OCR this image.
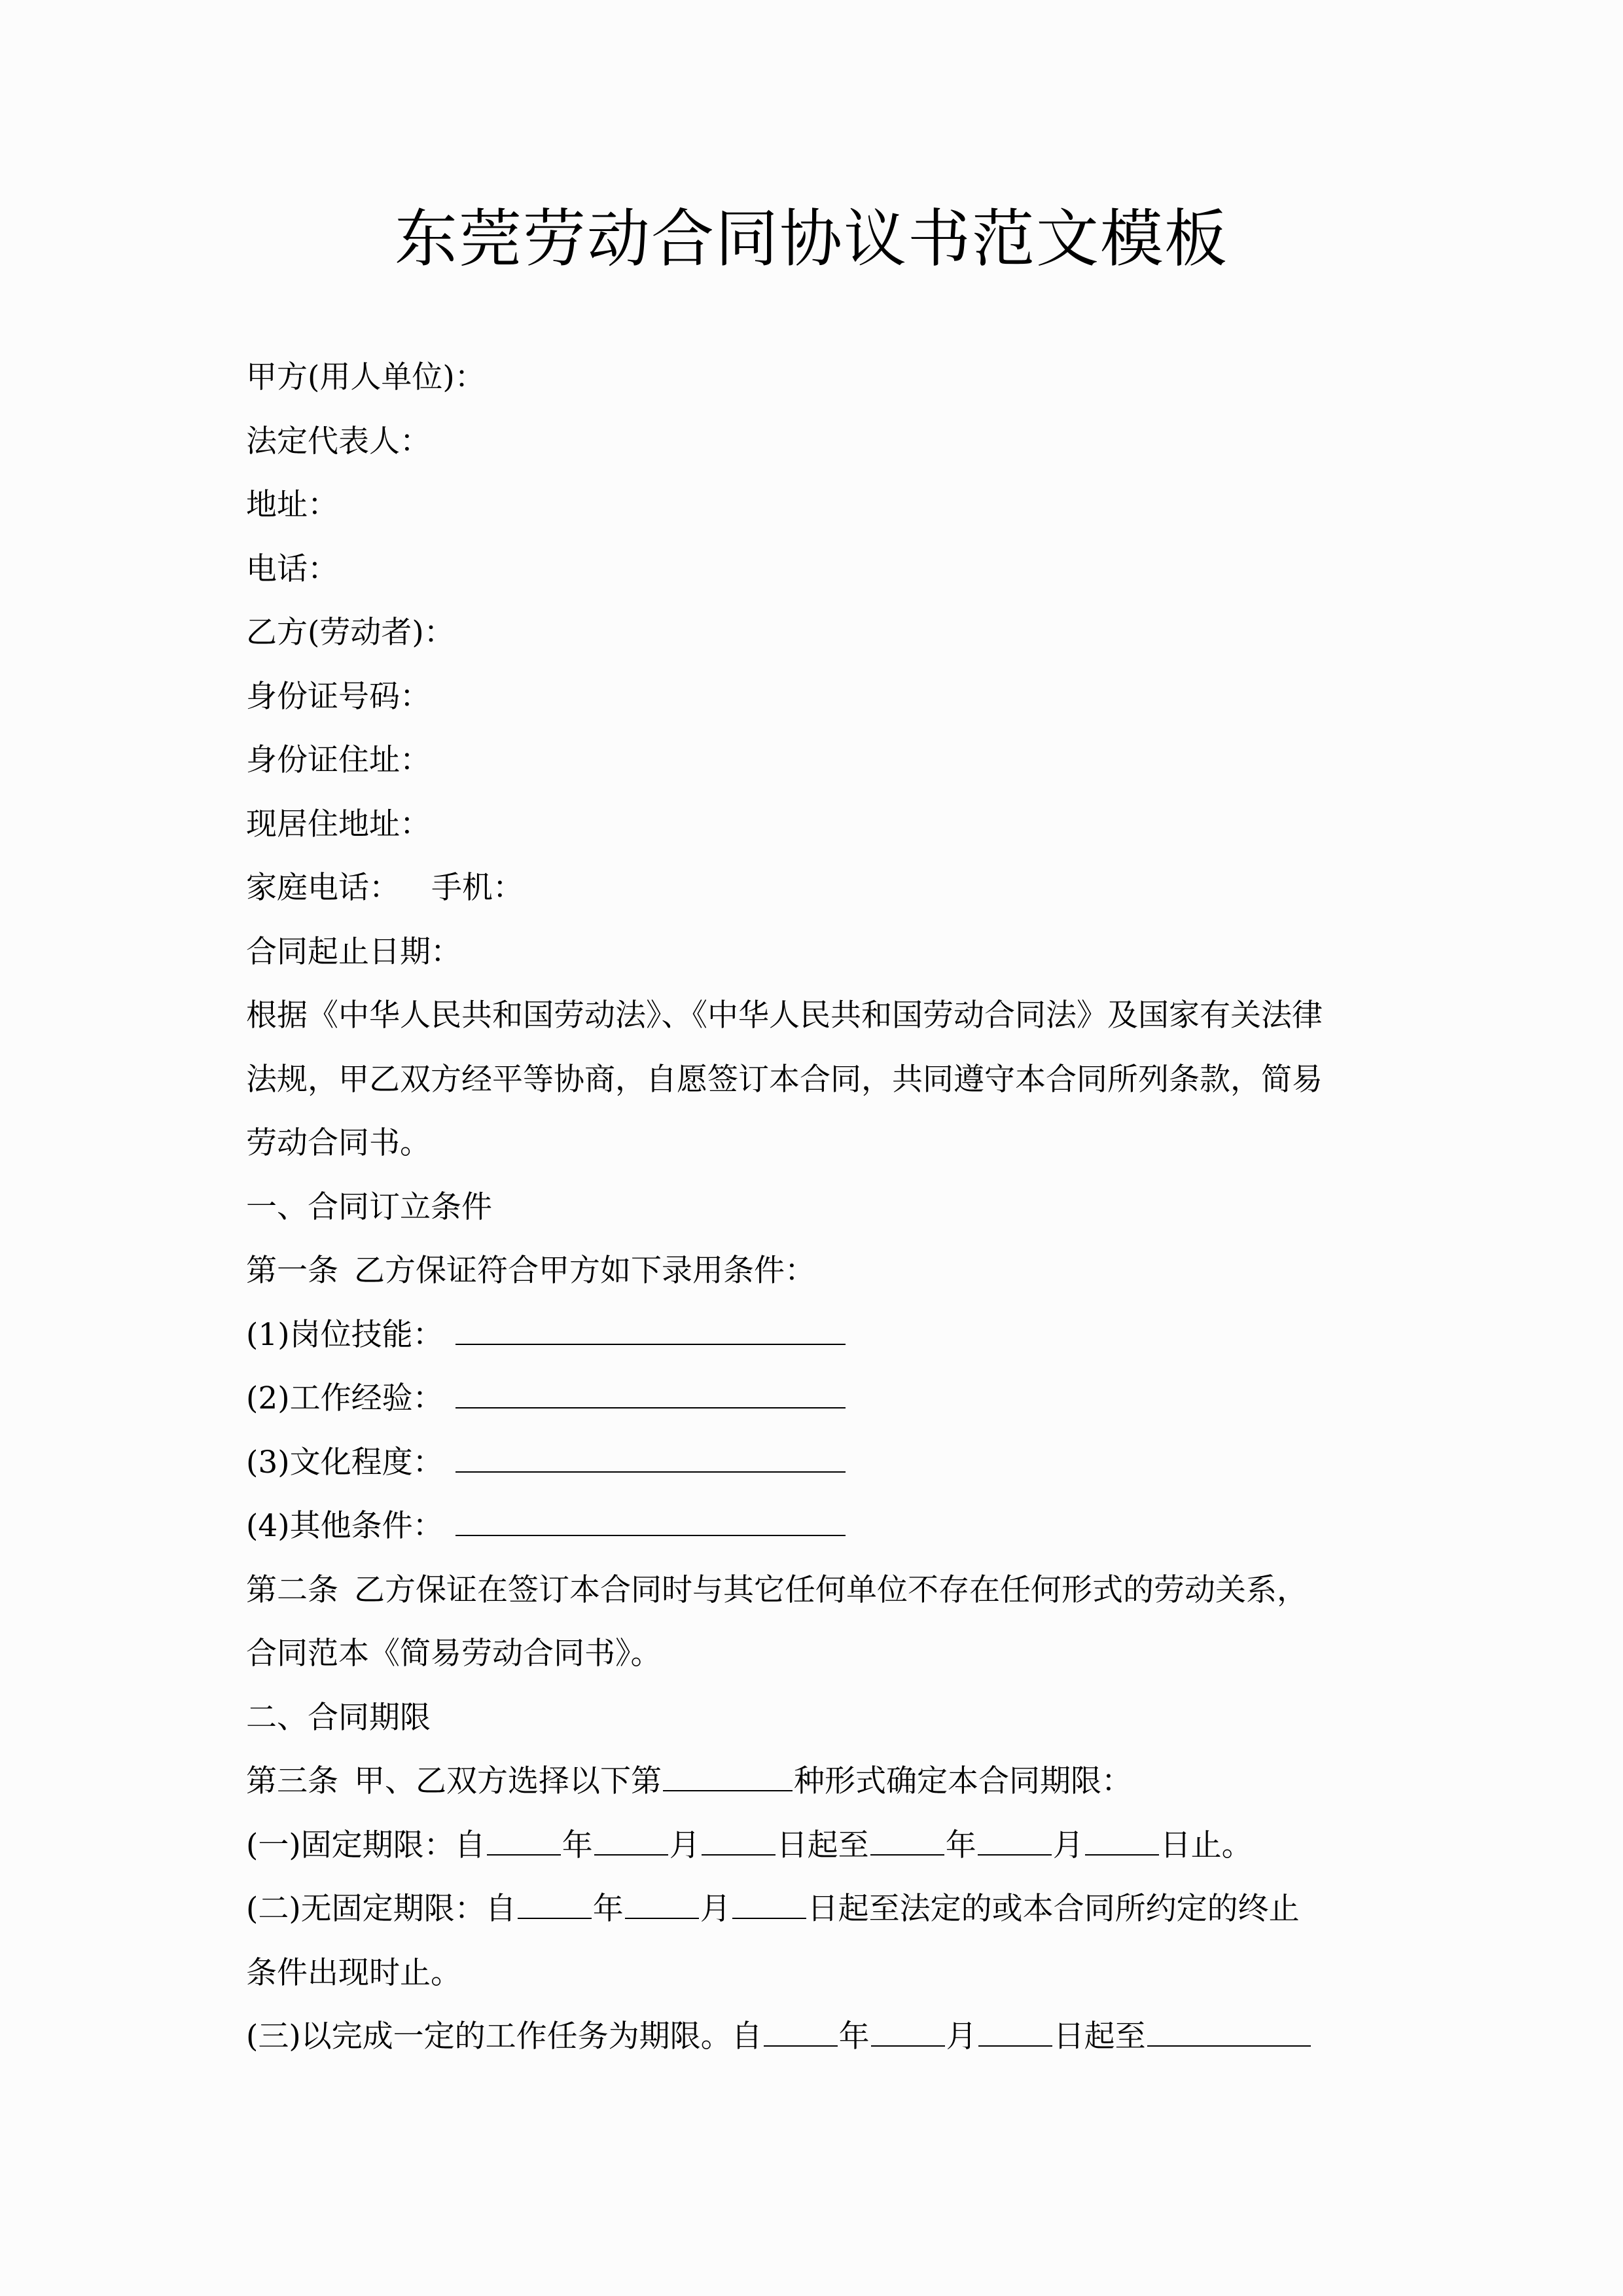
东莞劳动合同协议书范文模板
甲方(用人单位)：
法定代表人：
地址：
电话：
乙方(劳动者)：
身份证号码：
身份证住址：
现居住地址：
家庭电话： 手机：
合同起止日期：
根据《中华人民共和国劳动法》、《中华人民共和国劳动合同法》及国家有关法律
法规，甲乙双方经平等协商，自愿签订本合同，共同遵守本合同所列条款，简易
劳动合同书。
一、合同订立条件
第一条 乙方保证符合甲方如下录用条件：
(1)岗位技能：
(2)工作经验：
(3)文化程度：
(4)其他条件：
第二条 乙方保证在签订本合同时与其它任何单位不存在任何形式的劳动关系，
合同范本《简易劳动合同书》。
二、合同期限
第三条 甲、乙双方选择以下第	种形式确定本合同期限：
(一)固定期限：自 年 月 日起至 年 月 日止。
(二)无固定期限：自 年 月 日起至法定的或本合同所约定的终止
条件出现时止。
(三)以完成一定的工作任务为期限。自 年 月 日起至
